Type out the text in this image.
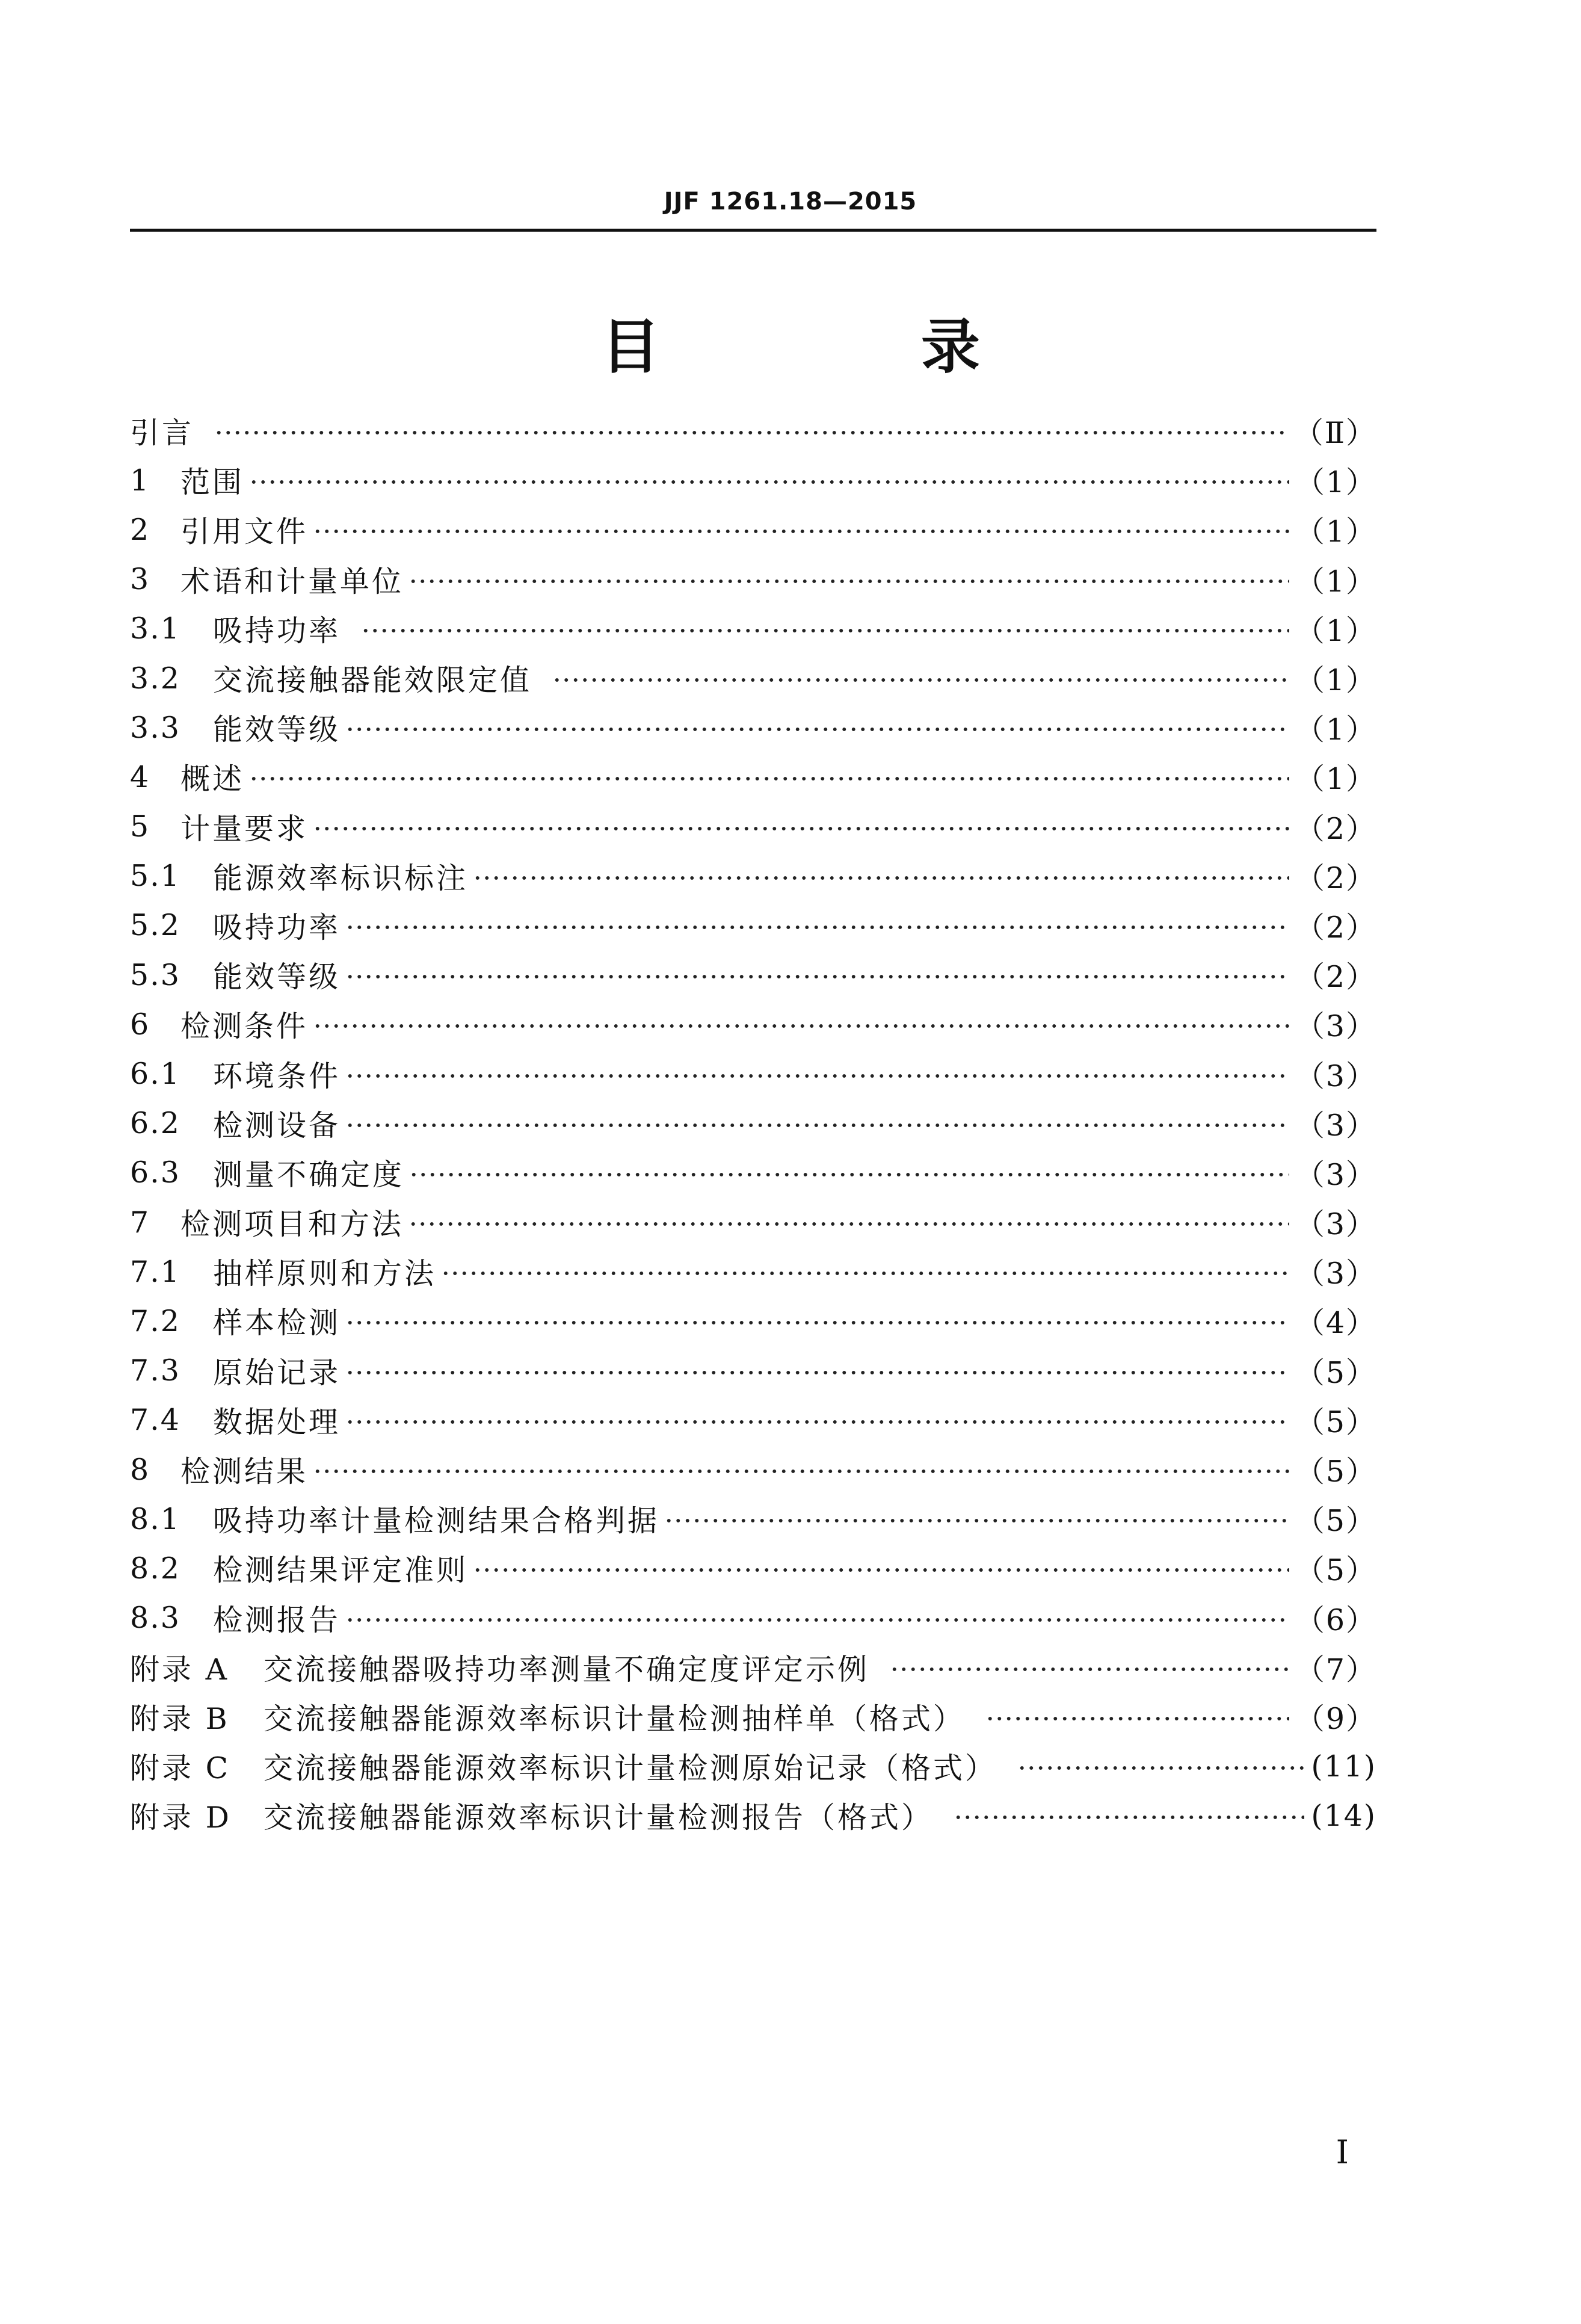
JJF 1261.18—2015
目　录
引言	（Ⅱ）
1	范围	（1）
2	引用文件	（1）
3	术语和计量单位	（1）
3.1	吸持功率	（1）
3.2	交流接触器能效限定值	（1）
3.3	能效等级	（1）
4	概述	（1）
5	计量要求	（2）
5.1	能源效率标识标注	（2）
5.2	吸持功率	（2）
5.3	能效等级	（2）
6	检测条件	（3）
6.1	环境条件	（3）
6.2	检测设备	（3）
6.3	测量不确定度	（3）
7	检测项目和方法	（3）
7.1	抽样原则和方法	（3）
7.2	样本检测	（4）
7.3	原始记录	（5）
7.4	数据处理	（5）
8	检测结果	（5）
8.1	吸持功率计量检测结果合格判据	（5）
8.2	检测结果评定准则	（5）
8.3	检测报告	（6）
附录 A	交流接触器吸持功率测量不确定度评定示例	（7）
附录 B	交流接触器能源效率标识计量检测抽样单（格式）	（9）
附录 C	交流接触器能源效率标识计量检测原始记录（格式）	(11)
附录 D	交流接触器能源效率标识计量检测报告（格式）	(14)
I
